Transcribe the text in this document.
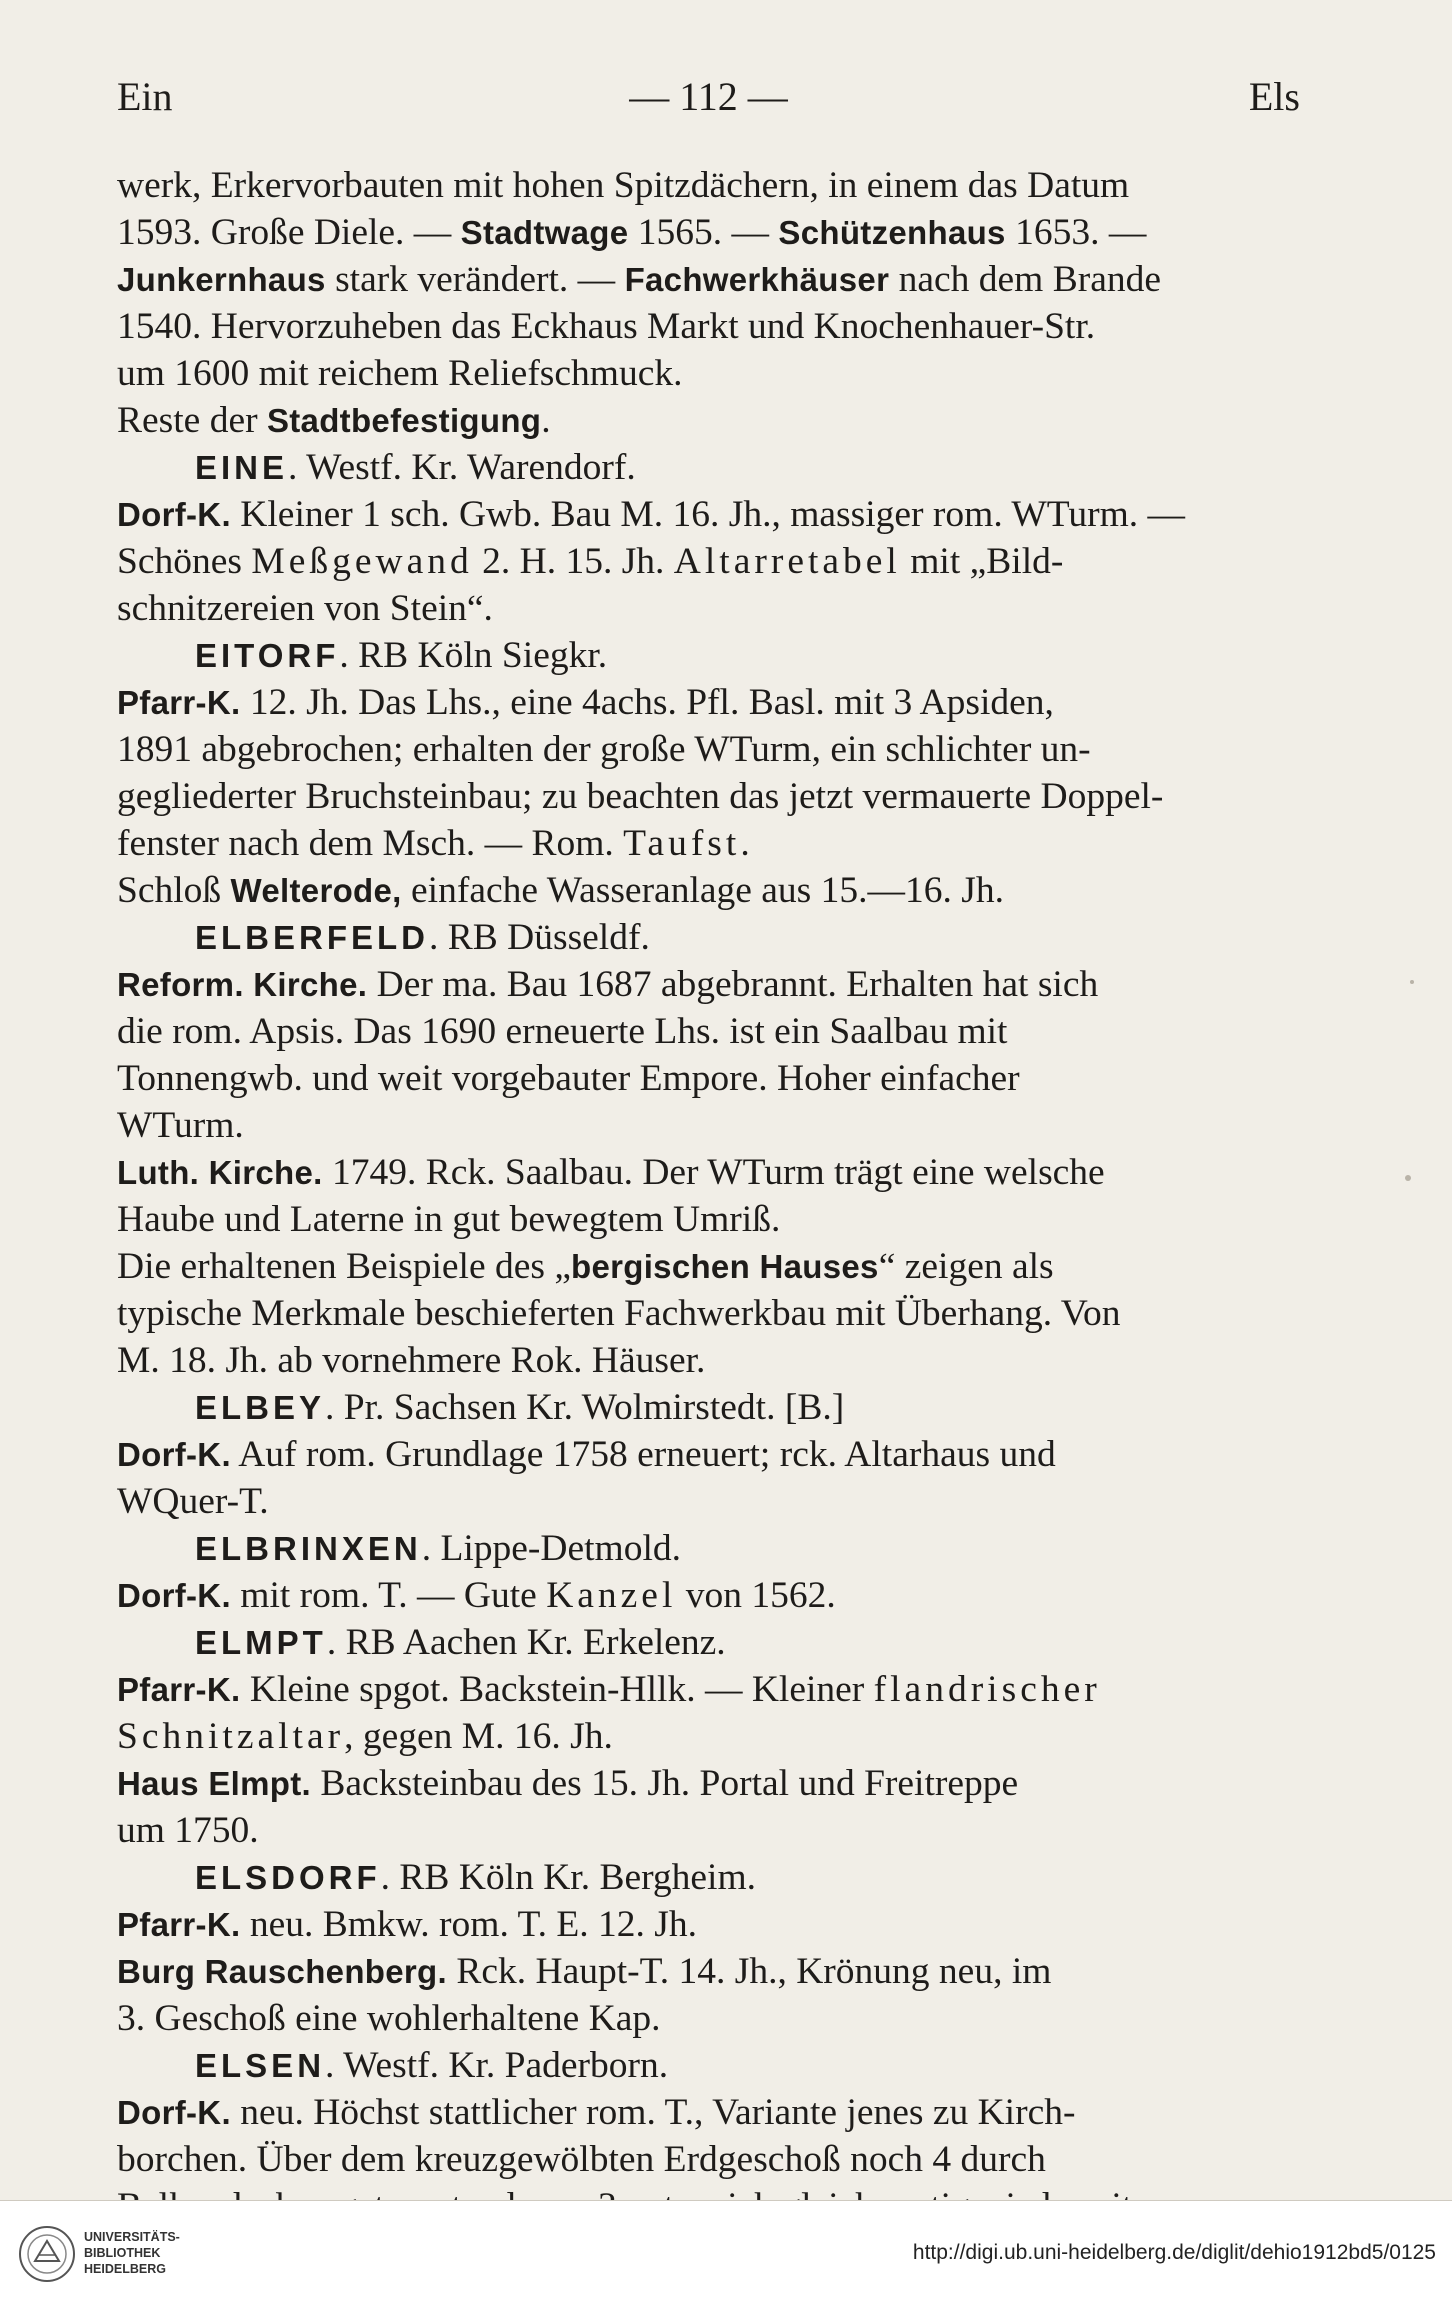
Ein	— 112 —	Els

werk, Erkervorbauten mit hohen Spitzdächern, in einem das Datum

1593. Große Diele. — Stadtwage 1565. — Schützenhaus 1653. —

Junkernhaus stark verändert. — Fachwerkhäuser nach dem Brande

1540. Hervorzuheben das Eckhaus Markt und Knochenhauer-Str.

um 1600 mit reichem Reliefschmuck.

Reste der Stadtbefestigung.

EINE. Westf. Kr. Warendorf.

Dorf-K. Kleiner 1 sch. Gwb. Bau M. 16. Jh., massiger rom. WTurm. —

Schönes Meßgewand 2. H. 15. Jh. Altarretabel mit „Bild-

schnitzereien von Stein“.

EITORF. RB Köln Siegkr.

Pfarr-K. 12. Jh. Das Lhs., eine 4achs. Pfl. Basl. mit 3 Apsiden,

1891 abgebrochen; erhalten der große WTurm, ein schlichter un-

gegliederter Bruchsteinbau; zu beachten das jetzt vermauerte Doppel-

fenster nach dem Msch. — Rom. Taufst.

Schloß Welterode, einfache Wasseranlage aus 15.—16. Jh.

ELBERFELD. RB Düsseldf.

Reform. Kirche. Der ma. Bau 1687 abgebrannt. Erhalten hat sich

die rom. Apsis. Das 1690 erneuerte Lhs. ist ein Saalbau mit

Tonnengwb. und weit vorgebauter Empore. Hoher einfacher

WTurm.

Luth. Kirche. 1749. Rck. Saalbau. Der WTurm trägt eine welsche

Haube und Laterne in gut bewegtem Umriß.

Die erhaltenen Beispiele des „bergischen Hauses“ zeigen als

typische Merkmale beschieferten Fachwerkbau mit Überhang. Von

M. 18. Jh. ab vornehmere Rok. Häuser.

ELBEY. Pr. Sachsen Kr. Wolmirstedt. [B.]

Dorf-K. Auf rom. Grundlage 1758 erneuert; rck. Altarhaus und

WQuer-T.

ELBRINXEN. Lippe-Detmold.

Dorf-K. mit rom. T. — Gute Kanzel von 1562.

ELMPT. RB Aachen Kr. Erkelenz.

Pfarr-K. Kleine spgot. Backstein-Hllk. — Kleiner flandrischer

Schnitzaltar, gegen M. 16. Jh.

Haus Elmpt. Backsteinbau des 15. Jh. Portal und Freitreppe

um 1750.

ELSDORF. RB Köln Kr. Bergheim.

Pfarr-K. neu. Bmkw. rom. T. E. 12. Jh.

Burg Rauschenberg. Rck. Haupt-T. 14. Jh., Krönung neu, im

3. Geschoß eine wohlerhaltene Kap.

ELSEN. Westf. Kr. Paderborn.

Dorf-K. neu. Höchst stattlicher rom. T., Variante jenes zu Kirch-

borchen. Über dem kreuzgewölbten Erdgeschoß noch 4 durch

UNIVERSITÄTS-
BIBLIOTHEK
HEIDELBERG
http://digi.ub.uni-heidelberg.de/diglit/dehio1912bd5/0125
